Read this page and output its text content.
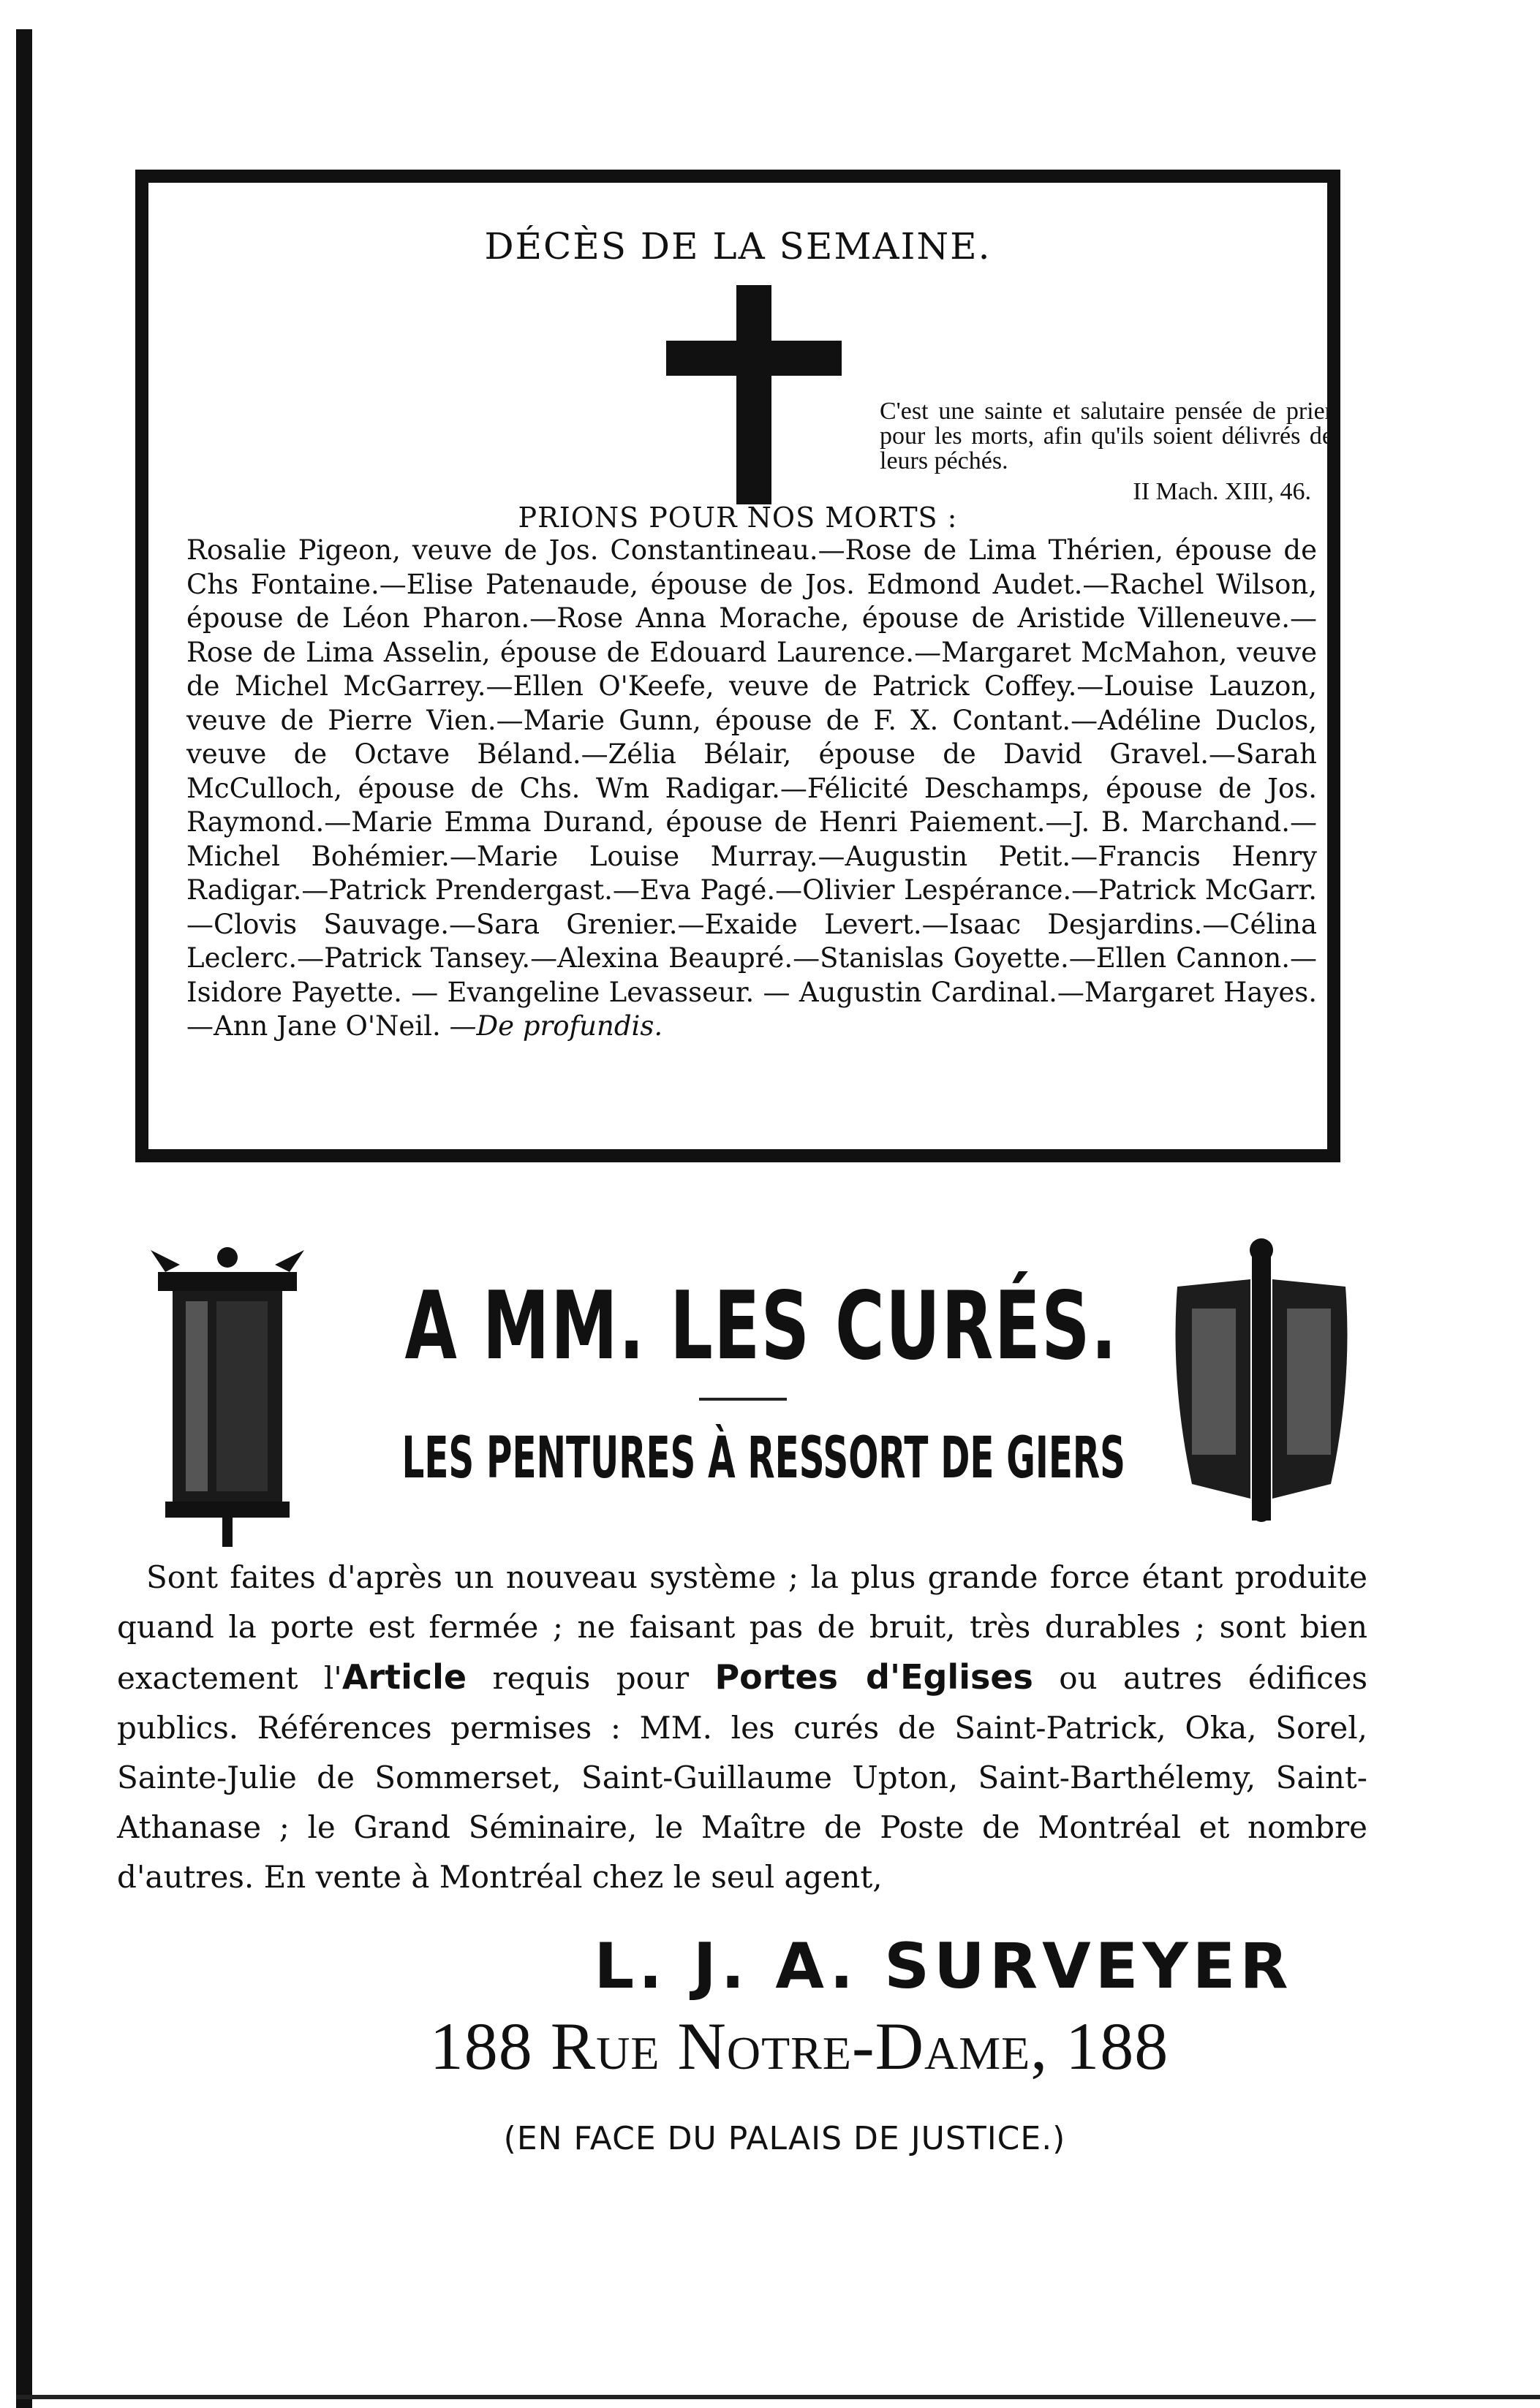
DÉCÈS DE LA SEMAINE.
C'est une sainte et salutaire pensée de prier pour les morts, afin qu'ils soient délivrés de leurs péchés.
II Mach. XIII, 46.
PRIONS POUR NOS MORTS :
Rosalie Pigeon, veuve de Jos. Constantineau.—Rose de Lima Thérien, épouse de Chs Fontaine.—Elise Patenaude, épouse de Jos. Edmond Audet.—Rachel Wilson, épouse de Léon Pharon.—Rose Anna Morache, épouse de Aristide Villeneuve.—Rose de Lima Asselin, épouse de Edouard Laurence.—Margaret McMahon, veuve de Michel McGarrey.—Ellen O'Keefe, veuve de Patrick Coffey.—Louise Lauzon, veuve de Pierre Vien.—Marie Gunn, épouse de F. X. Contant.—Adéline Duclos, veuve de Octave Béland.—Zélia Bélair, épouse de David Gravel.—Sarah McCulloch, épouse de Chs. Wm Radigar.—Félicité Deschamps, épouse de Jos. Raymond.—Marie Emma Durand, épouse de Henri Paiement.—J. B. Marchand.—Michel Bohémier.—Marie Louise Murray.—Augustin Petit.—Francis Henry Radigar.—Patrick Prendergast.—Eva Pagé.—Olivier Lespérance.—Patrick McGarr.—Clovis Sauvage.—Sara Grenier.—Exaide Levert.—Isaac Desjardins.—Célina Leclerc.—Patrick Tansey.—Alexina Beaupré.—Stanislas Goyette.—Ellen Cannon.—Isidore Payette. — Evangeline Levasseur. — Augustin Cardinal.—Margaret Hayes.—Ann Jane O'Neil. —De profundis.
A MM. LES CURÉS.
LES PENTURES À RESSORT DE GIERS
Sont faites d'après un nouveau système ; la plus grande force étant produite quand la porte est fermée ; ne faisant pas de bruit, très durables ; sont bien exactement l'Article requis pour Portes d'Eglises ou autres édifices publics. Références permises : MM. les curés de Saint-Patrick, Oka, Sorel, Sainte-Julie de Sommerset, Saint-Guillaume Upton, Saint-Barthélemy, Saint-Athanase ; le Grand Séminaire, le Maître de Poste de Montréal et nombre d'autres. En vente à Montréal chez le seul agent,
L. J. A. SURVEYER
188 Rue Notre-Dame, 188
(EN FACE DU PALAIS DE JUSTICE.)
